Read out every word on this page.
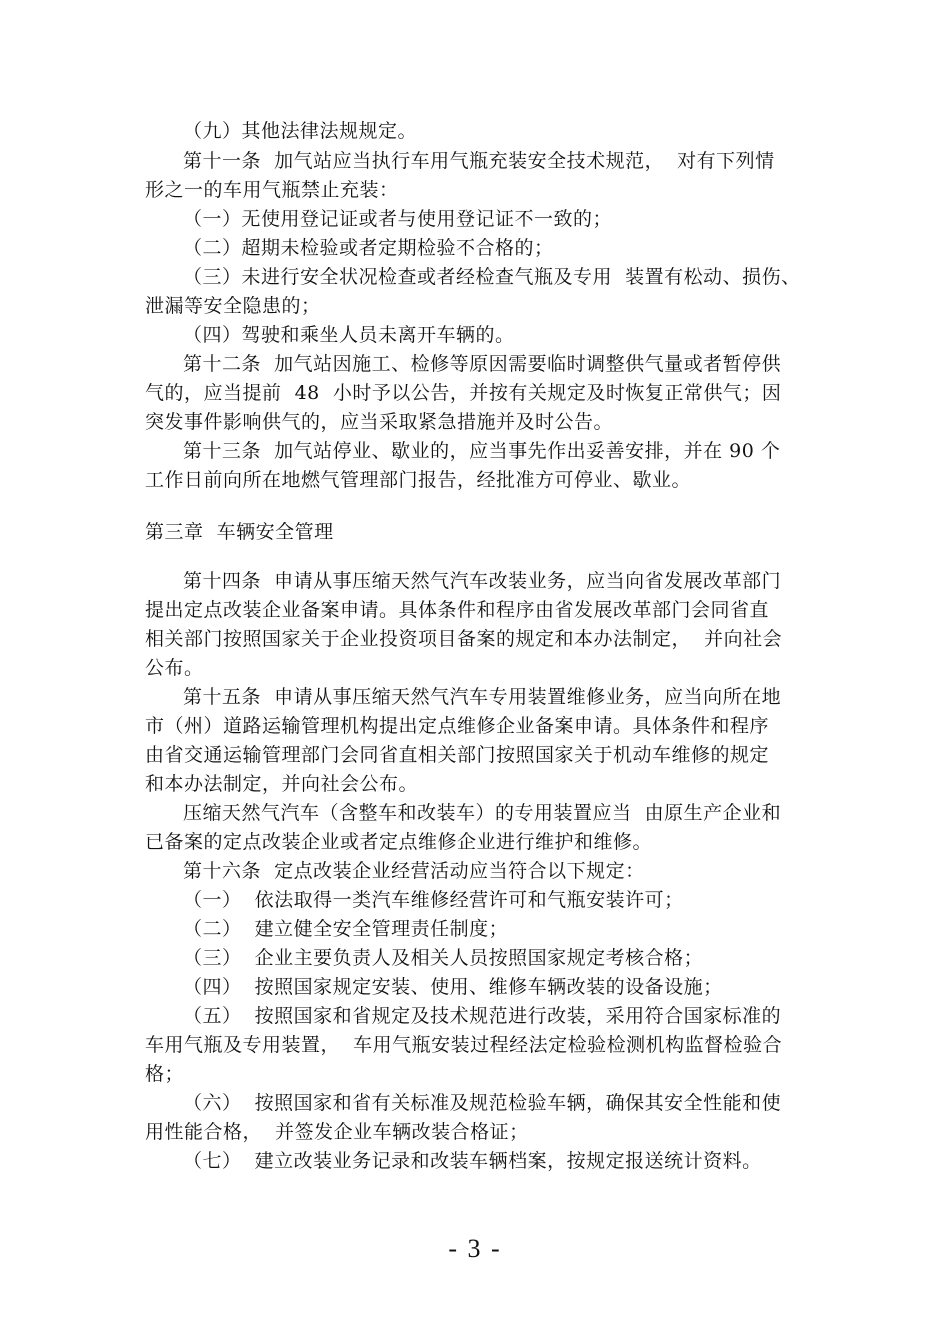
（九）其他法律法规规定。
第十一条  加气站应当执行车用气瓶充装安全技术规范，  对有下列情
形之一的车用气瓶禁止充装：
（一）无使用登记证或者与使用登记证不一致的；
（二）超期未检验或者定期检验不合格的；
（三）未进行安全状况检查或者经检查气瓶及专用  装置有松动、损伤、
泄漏等安全隐患的；
（四）驾驶和乘坐人员未离开车辆的。
第十二条  加气站因施工、检修等原因需要临时调整供气量或者暂停供
气的，应当提前  48  小时予以公告，并按有关规定及时恢复正常供气；因
突发事件影响供气的，应当采取紧急措施并及时公告。
第十三条  加气站停业、歇业的，应当事先作出妥善安排，并在 90 个
工作日前向所在地燃气管理部门报告，经批准方可停业、歇业。
第三章  车辆安全管理
第十四条  申请从事压缩天然气汽车改装业务，应当向省发展改革部门
提出定点改装企业备案申请。具体条件和程序由省发展改革部门会同省直
相关部门按照国家关于企业投资项目备案的规定和本办法制定，  并向社会
公布。
第十五条  申请从事压缩天然气汽车专用装置维修业务，应当向所在地
市（州）道路运输管理机构提出定点维修企业备案申请。具体条件和程序
由省交通运输管理部门会同省直相关部门按照国家关于机动车维修的规定
和本办法制定，并向社会公布。
压缩天然气汽车（含整车和改装车）的专用装置应当  由原生产企业和
已备案的定点改装企业或者定点维修企业进行维护和维修。
第十六条  定点改装企业经营活动应当符合以下规定：
（一）  依法取得一类汽车维修经营许可和气瓶安装许可；
（二）  建立健全安全管理责任制度；
（三）  企业主要负责人及相关人员按照国家规定考核合格；
（四）  按照国家规定安装、使用、维修车辆改装的设备设施；
（五）  按照国家和省规定及技术规范进行改装，采用符合国家标准的
车用气瓶及专用装置，  车用气瓶安装过程经法定检验检测机构监督检验合
格；
（六）  按照国家和省有关标准及规范检验车辆，确保其安全性能和使
用性能合格，  并签发企业车辆改装合格证；
（七）  建立改装业务记录和改装车辆档案，按规定报送统计资料。
- 3 -
